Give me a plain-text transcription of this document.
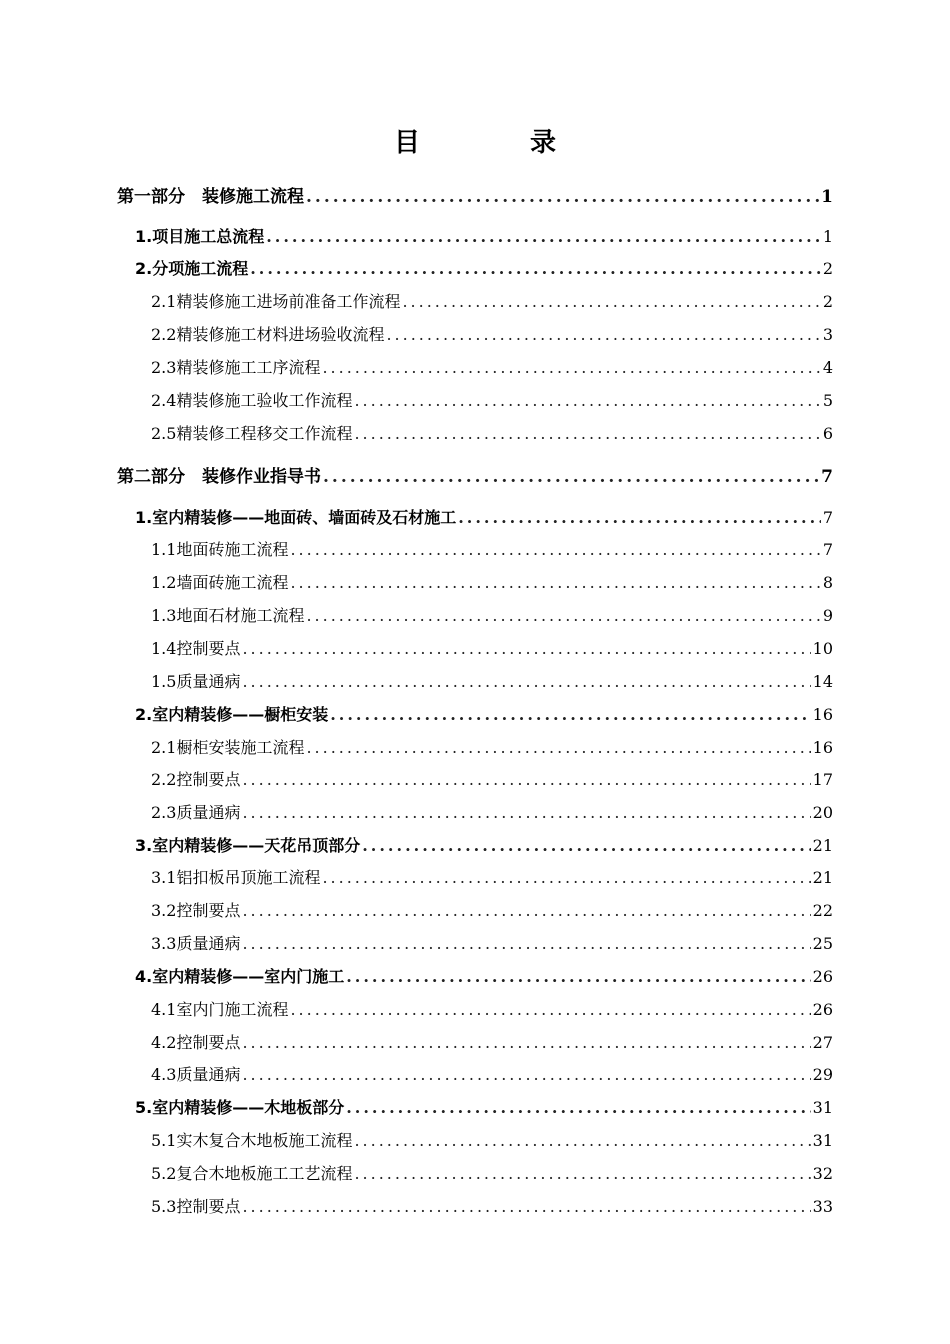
目　录
第一部分　装修施工流程 .....	1
1.项目施工总流程 .....	1
2.分项施工流程 .....	2
2.1精装修施工进场前准备工作流程 .....	2
2.2精装修施工材料进场验收流程 .....	3
2.3精装修施工工序流程 .....	4
2.4精装修施工验收工作流程 .....	5
2.5精装修工程移交工作流程 .....	6
第二部分　装修作业指导书 .....	7
1.室内精装修——地面砖、墙面砖及石材施工 .....	7
1.1地面砖施工流程 .....	7
1.2墙面砖施工流程 .....	8
1.3地面石材施工流程 .....	9
1.4控制要点 .....	10
1.5质量通病 .....	14
2.室内精装修——橱柜安装 .....	16
2.1橱柜安装施工流程 .....	16
2.2控制要点 .....	17
2.3质量通病 .....	20
3.室内精装修——天花吊顶部分 .....	21
3.1铝扣板吊顶施工流程 .....	21
3.2控制要点 .....	22
3.3质量通病 .....	25
4.室内精装修——室内门施工 .....	26
4.1室内门施工流程 .....	26
4.2控制要点 .....	27
4.3质量通病 .....	29
5.室内精装修——木地板部分 .....	31
5.1实木复合木地板施工流程 .....	31
5.2复合木地板施工工艺流程 .....	32
5.3控制要点 .....	33
